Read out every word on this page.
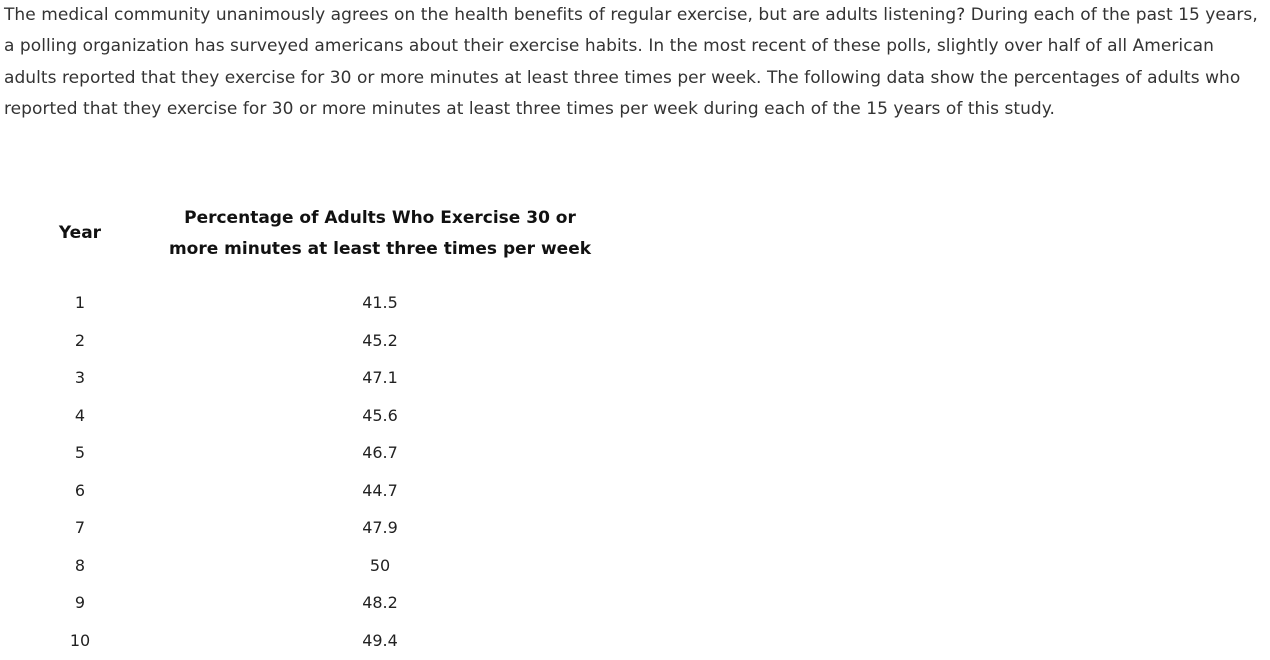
The medical community unanimously agrees on the health benefits of regular exercise, but are adults listening? During each of the past 15 years, a polling organization has surveyed americans about their exercise habits. In the most recent of these polls, slightly over half of all American adults reported that they exercise for 30 or more minutes at least three times per week. The following data show the percentages of adults who reported that they exercise for 30 or more minutes at least three times per week during each of the 15 years of this study.

Year	Percentage of Adults Who Exercise 30 or more minutes at least three times per week
1	41.5
2	45.2
3	47.1
4	45.6
5	46.7
6	44.7
7	47.9
8	50
9	48.2
10	49.4
